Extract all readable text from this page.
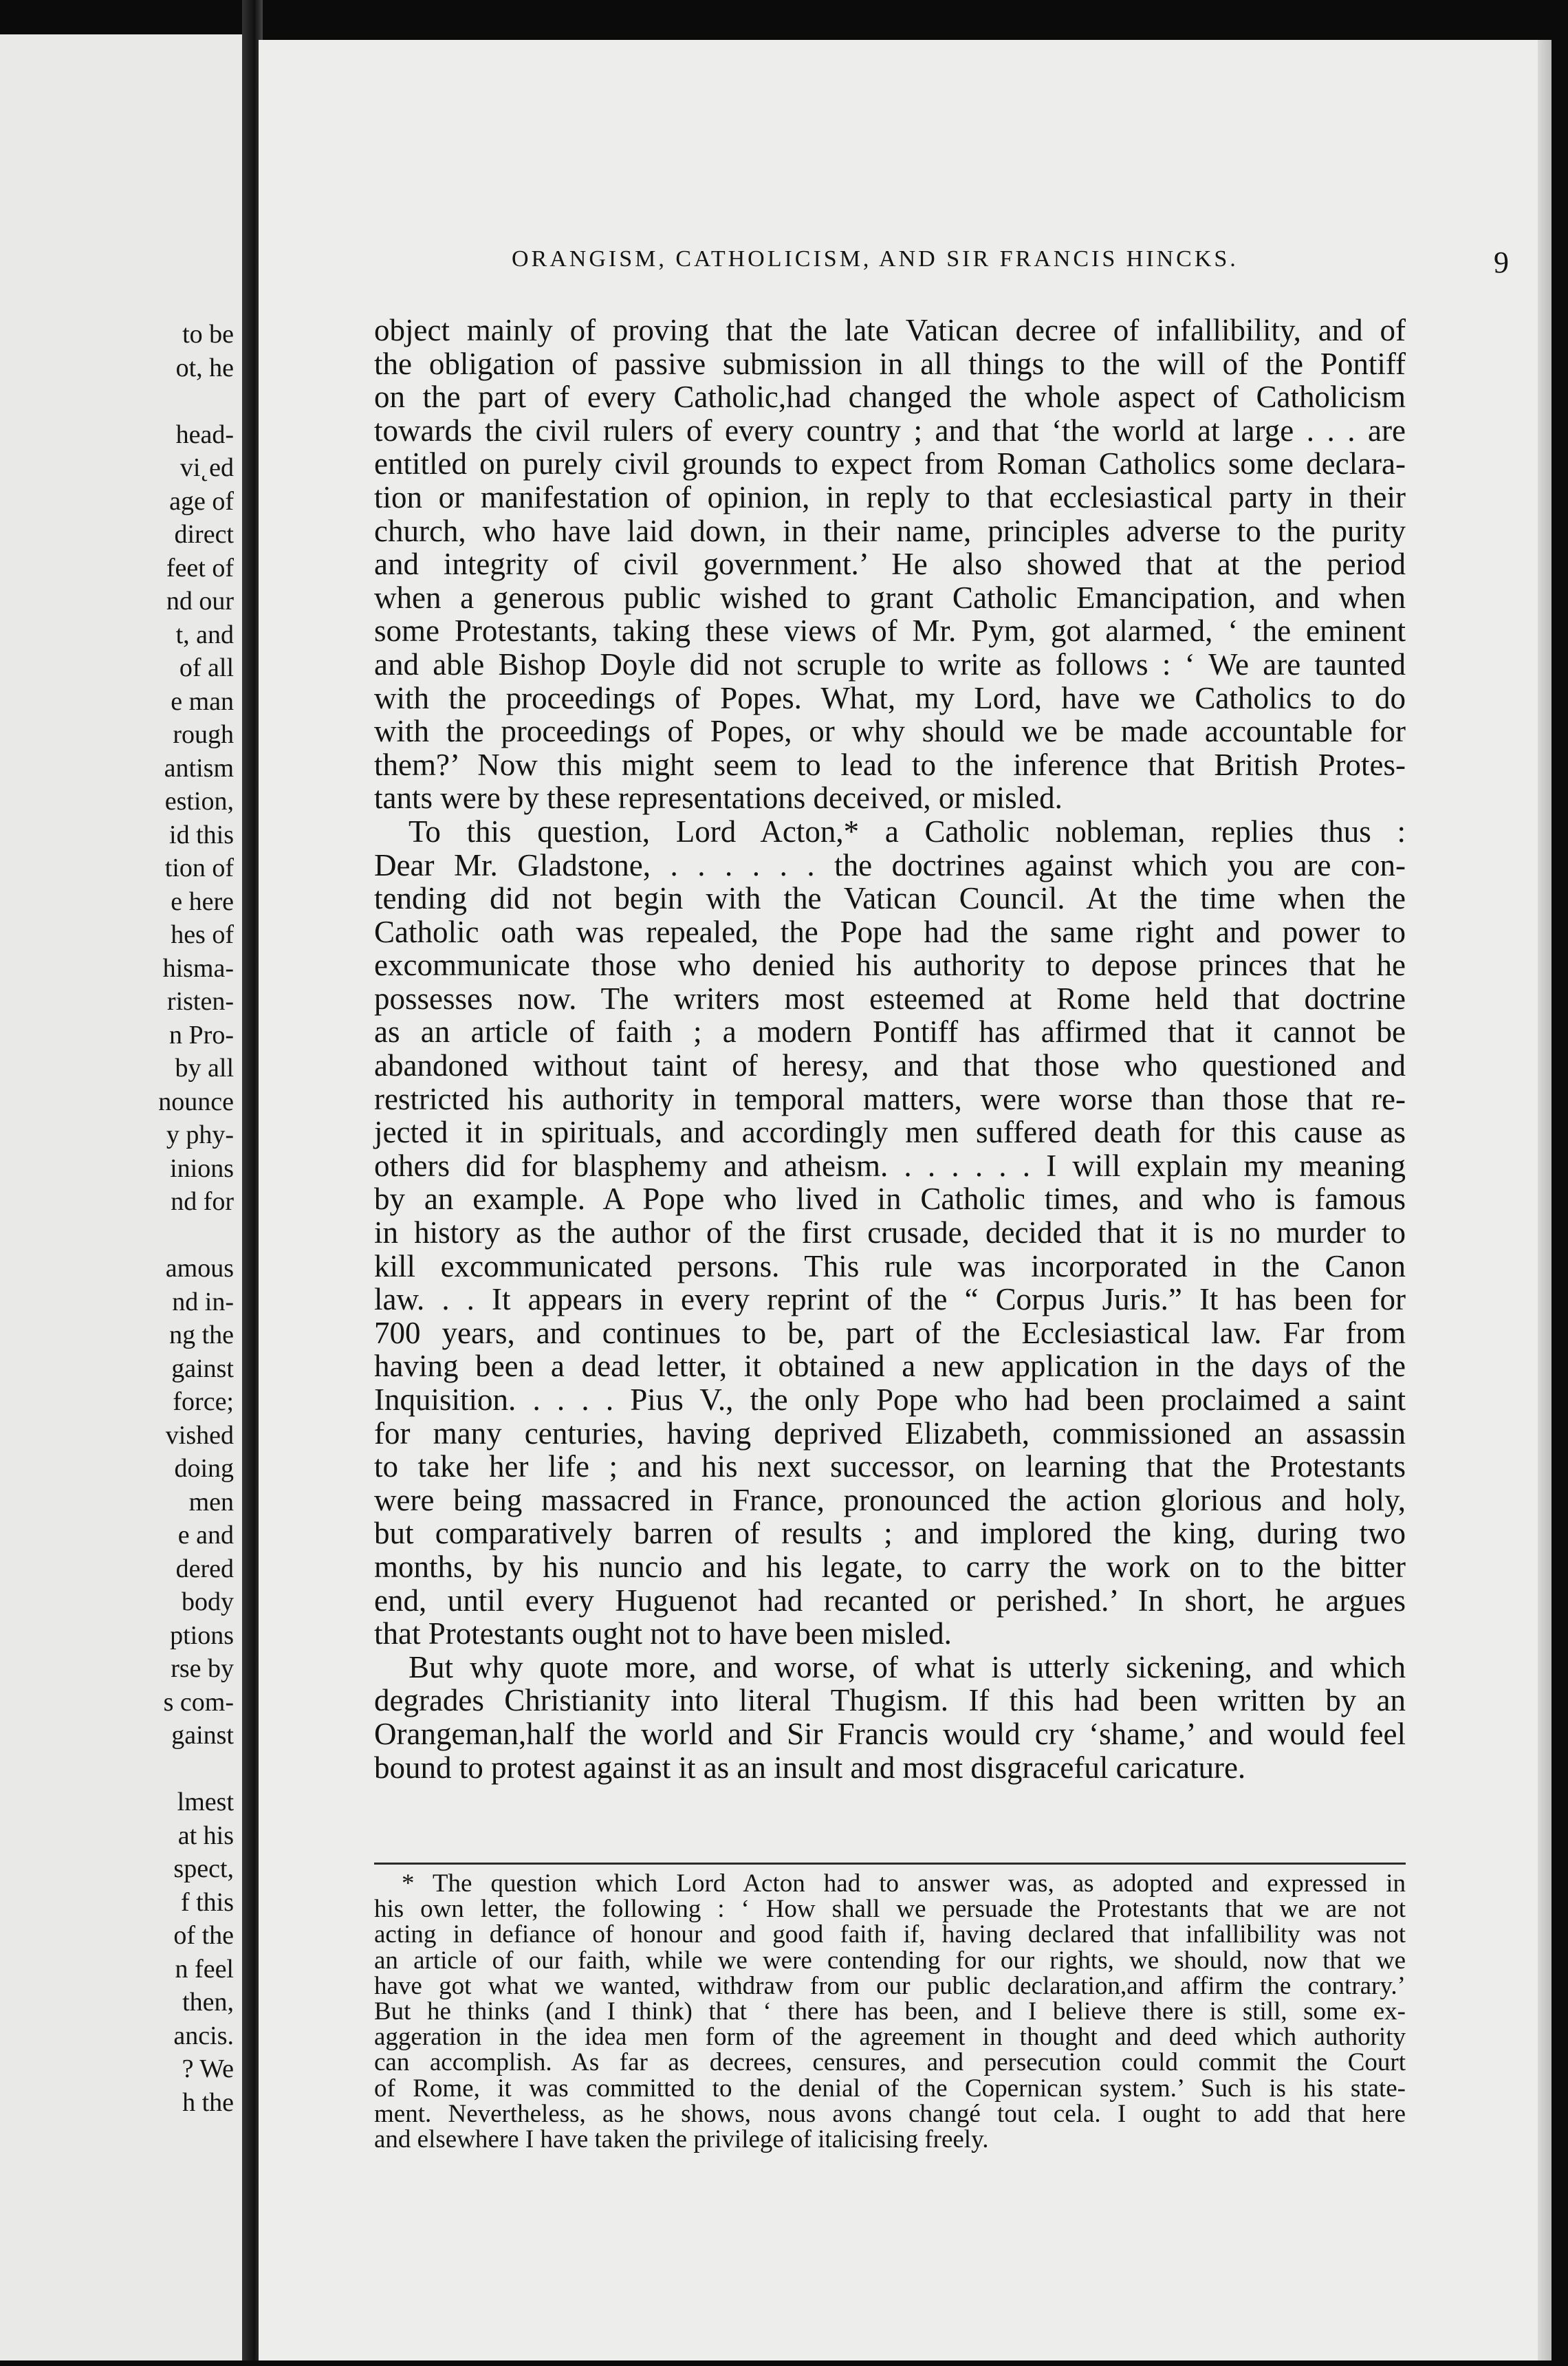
to be
ot, he
head-
vi˛ed
age of
direct
feet of
nd our
t, and
of all
e man
rough
antism
estion,
id this
tion of
e here
hes of
hisma-
risten-
n Pro-
by all
nounce
y phy-
inions
nd for
amous
nd in-
ng the
gainst
force;
vished
doing
men
e and
dered
body
ptions
rse by
s com-
gainst
lmest
at his
spect,
f this
of the
n feel
then,
ancis.
? We
h the
ORANGISM, CATHOLICISM, AND SIR FRANCIS HINCKS.	9
object mainly of proving that the late Vatican decree of infallibility, and of
the obligation of passive submission in all things to the will of the Pontiff
on the part of every Catholic,had changed the whole aspect of Catholicism
towards the civil rulers of every country ; and that ‘the world at large . . . are
entitled on purely civil grounds to expect from Roman Catholics some declara-
tion or manifestation of opinion, in reply to that ecclesiastical party in their
church, who have laid down, in their name, principles adverse to the purity
and integrity of civil government.’ He also showed that at the period
when a generous public wished to grant Catholic Emancipation, and when
some Protestants, taking these views of Mr. Pym, got alarmed, ‘ the eminent
and able Bishop Doyle did not scruple to write as follows : ‘ We are taunted
with the proceedings of Popes. What, my Lord, have we Catholics to do
with the proceedings of Popes, or why should we be made accountable for
them?’ Now this might seem to lead to the inference that British Protes-
tants were by these representations deceived, or misled.
To this question, Lord Acton,* a Catholic nobleman, replies thus :
Dear Mr. Gladstone, . . . . . . the doctrines against which you are con-
tending did not begin with the Vatican Council. At the time when the
Catholic oath was repealed, the Pope had the same right and power to
excommunicate those who denied his authority to depose princes that he
possesses now. The writers most esteemed at Rome held that doctrine
as an article of faith ; a modern Pontiff has affirmed that it cannot be
abandoned without taint of heresy, and that those who questioned and
restricted his authority in temporal matters, were worse than those that re-
jected it in spirituals, and accordingly men suffered death for this cause as
others did for blasphemy and atheism. . . . . . . I will explain my meaning
by an example. A Pope who lived in Catholic times, and who is famous
in history as the author of the first crusade, decided that it is no murder to
kill excommunicated persons. This rule was incorporated in the Canon
law. . . It appears in every reprint of the “ Corpus Juris.” It has been for
700 years, and continues to be, part of the Ecclesiastical law. Far from
having been a dead letter, it obtained a new application in the days of the
Inquisition. . . . . Pius V., the only Pope who had been proclaimed a saint
for many centuries, having deprived Elizabeth, commissioned an assassin
to take her life ; and his next successor, on learning that the Protestants
were being massacred in France, pronounced the action glorious and holy,
but comparatively barren of results ; and implored the king, during two
months, by his nuncio and his legate, to carry the work on to the bitter
end, until every Huguenot had recanted or perished.’ In short, he argues
that Protestants ought not to have been misled.
But why quote more, and worse, of what is utterly sickening, and which
degrades Christianity into literal Thugism. If this had been written by an
Orangeman,half the world and Sir Francis would cry ‘shame,’ and would feel
bound to protest against it as an insult and most disgraceful caricature.
* The question which Lord Acton had to answer was, as adopted and expressed in
his own letter, the following : ‘ How shall we persuade the Protestants that we are not
acting in defiance of honour and good faith if, having declared that infallibility was not
an article of our faith, while we were contending for our rights, we should, now that we
have got what we wanted, withdraw from our public declaration,and affirm the contrary.’
But he thinks (and I think) that ‘ there has been, and I believe there is still, some ex-
aggeration in the idea men form of the agreement in thought and deed which authority
can accomplish. As far as decrees, censures, and persecution could commit the Court
of Rome, it was committed to the denial of the Copernican system.’ Such is his state-
ment. Nevertheless, as he shows, nous avons changé tout cela. I ought to add that here
and elsewhere I have taken the privilege of italicising freely.
